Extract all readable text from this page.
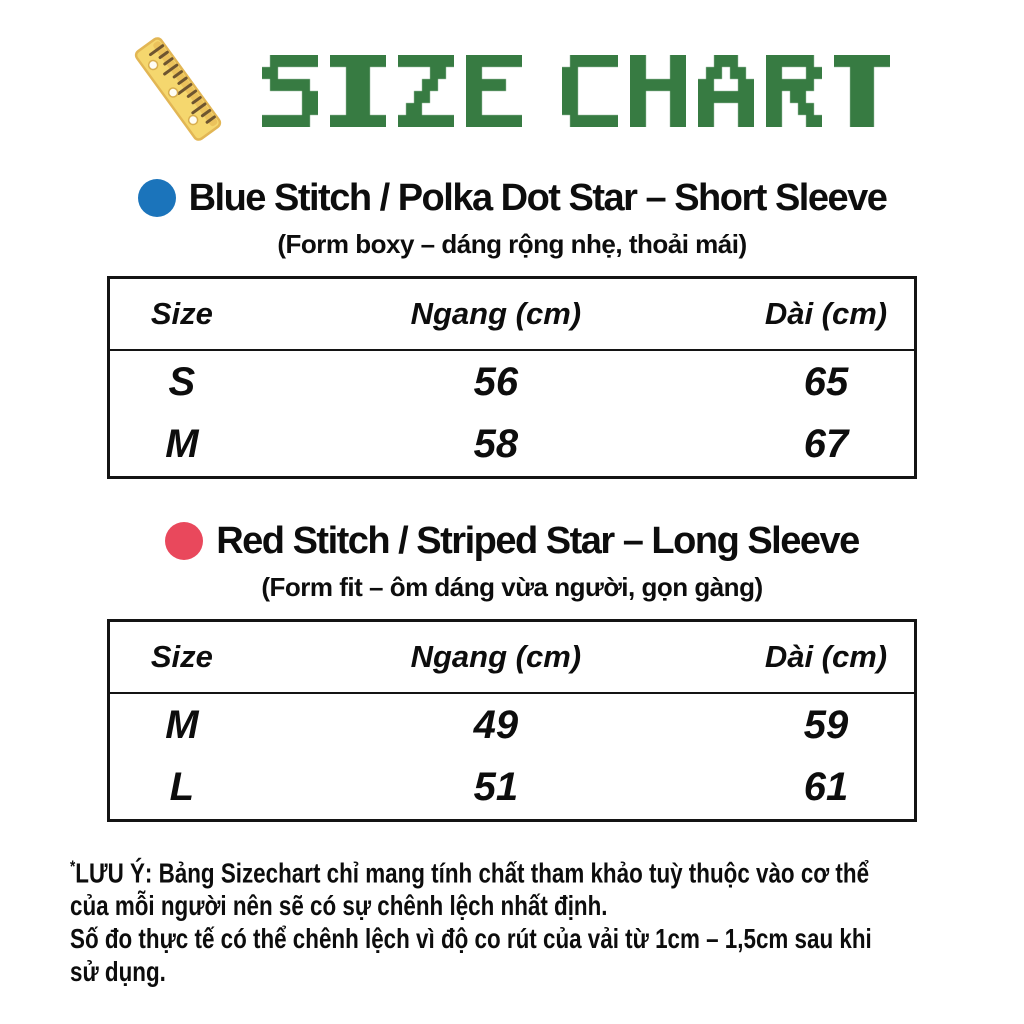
Blue Stitch / Polka Dot Star – Short Sleeve
(Form boxy – dáng rộng nhẹ, thoải mái)
Size	Ngang (cm)	Dài (cm)
S	56	65
M	58	67
Red Stitch / Striped Star – Long Sleeve
(Form fit – ôm dáng vừa người, gọn gàng)
Size	Ngang (cm)	Dài (cm)
M	49	59
L	51	61
*LƯU Ý: Bảng Sizechart chỉ mang tính chất tham khảo tuỳ thuộc vào cơ thể
của mỗi người nên sẽ có sự chênh lệch nhất định.
Số đo thực tế có thể chênh lệch vì độ co rút của vải từ 1cm – 1,5cm sau khi
sử dụng.
